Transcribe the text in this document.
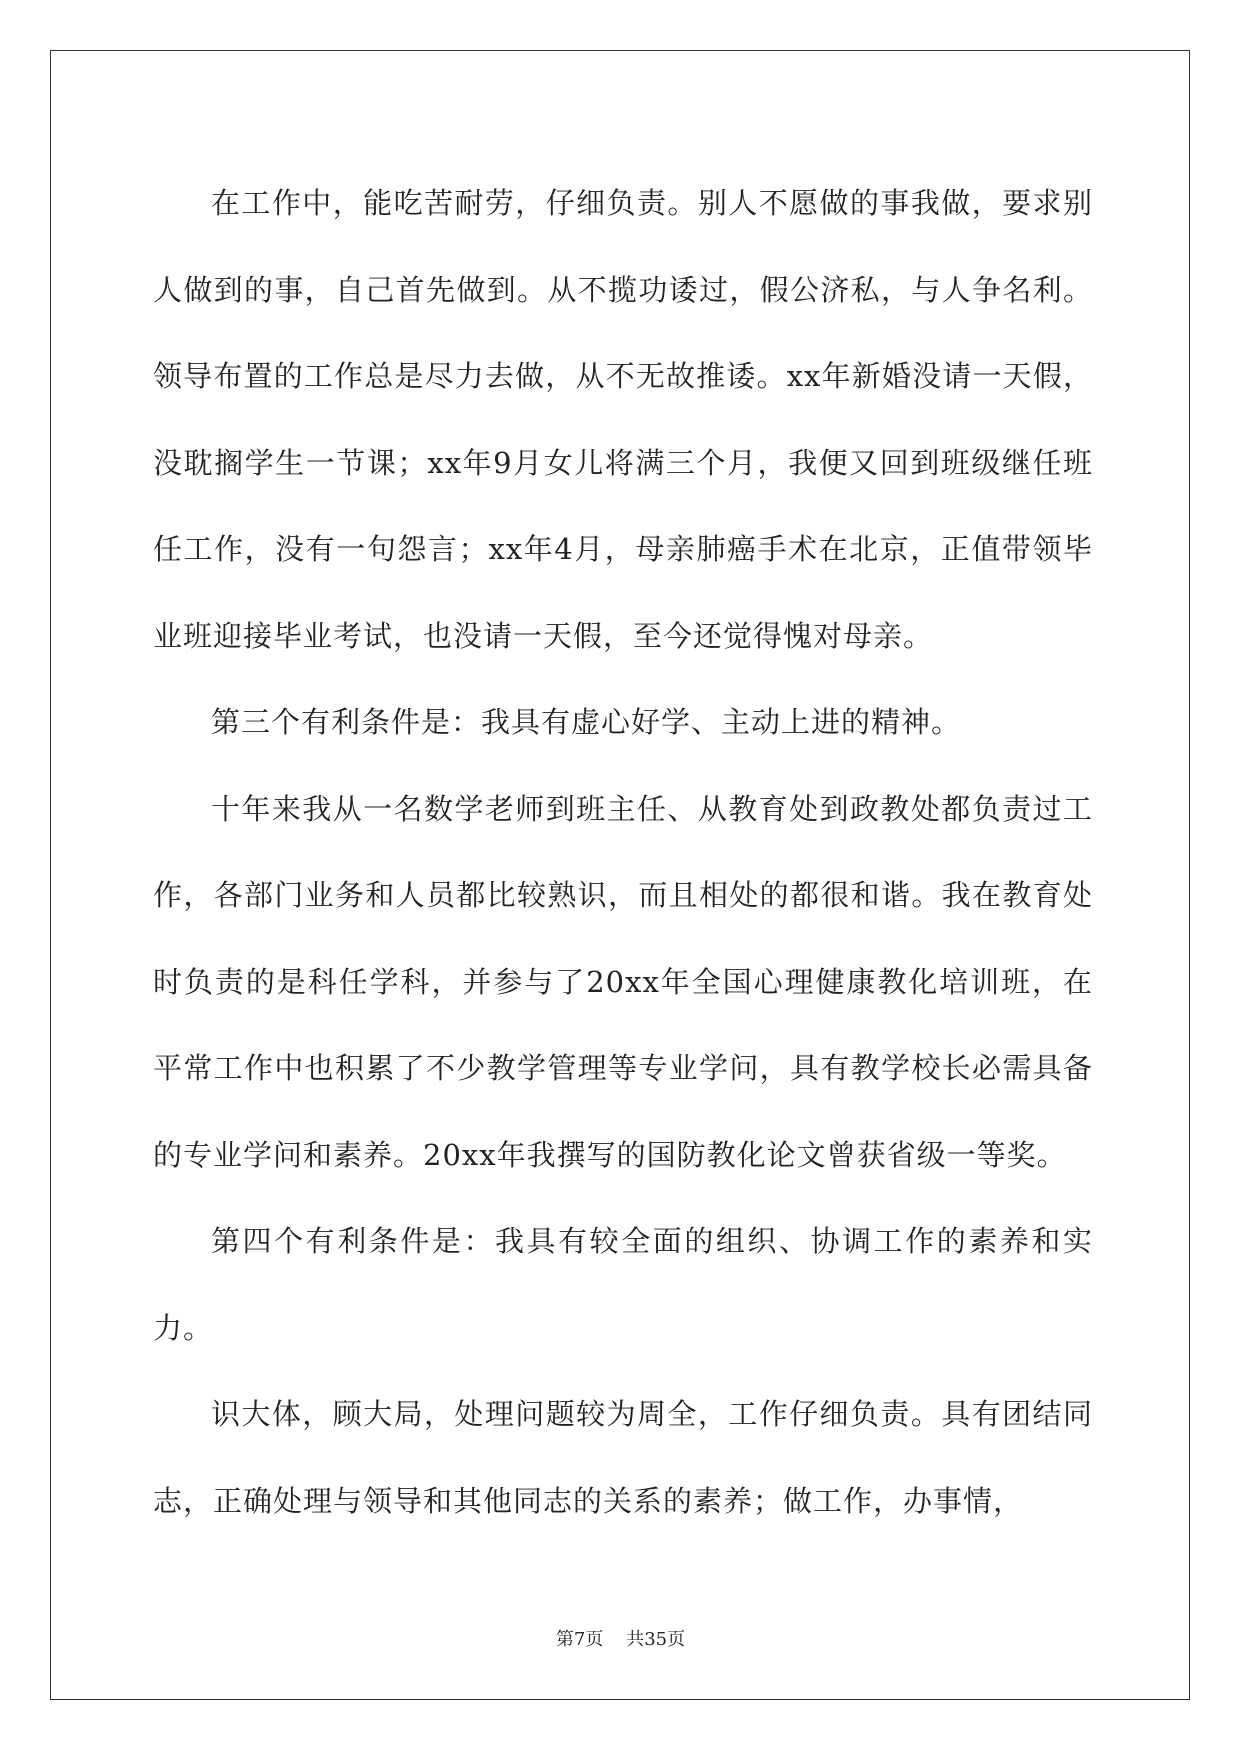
在工作中，能吃苦耐劳，仔细负责。别人不愿做的事我做，要求别人做到的事，自己首先做到。从不揽功诿过，假公济私，与人争名利。领导布置的工作总是尽力去做，从不无故推诿。xx年新婚没请一天假，没耽搁学生一节课；xx年9月女儿将满三个月，我便又回到班级继任班任工作，没有一句怨言；xx年4月，母亲肺癌手术在北京，正值带领毕业班迎接毕业考试，也没请一天假，至今还觉得愧对母亲。

第三个有利条件是：我具有虚心好学、主动上进的精神。

十年来我从一名数学老师到班主任、从教育处到政教处都负责过工作，各部门业务和人员都比较熟识，而且相处的都很和谐。我在教育处时负责的是科任学科，并参与了20xx年全国心理健康教化培训班，在平常工作中也积累了不少教学管理等专业学问，具有教学校长必需具备的专业学问和素养。20xx年我撰写的国防教化论文曾获省级一等奖。

第四个有利条件是：我具有较全面的组织、协调工作的素养和实力。

识大体，顾大局，处理问题较为周全，工作仔细负责。具有团结同志，正确处理与领导和其他同志的关系的素养；做工作，办事情，

第7页 共35页
